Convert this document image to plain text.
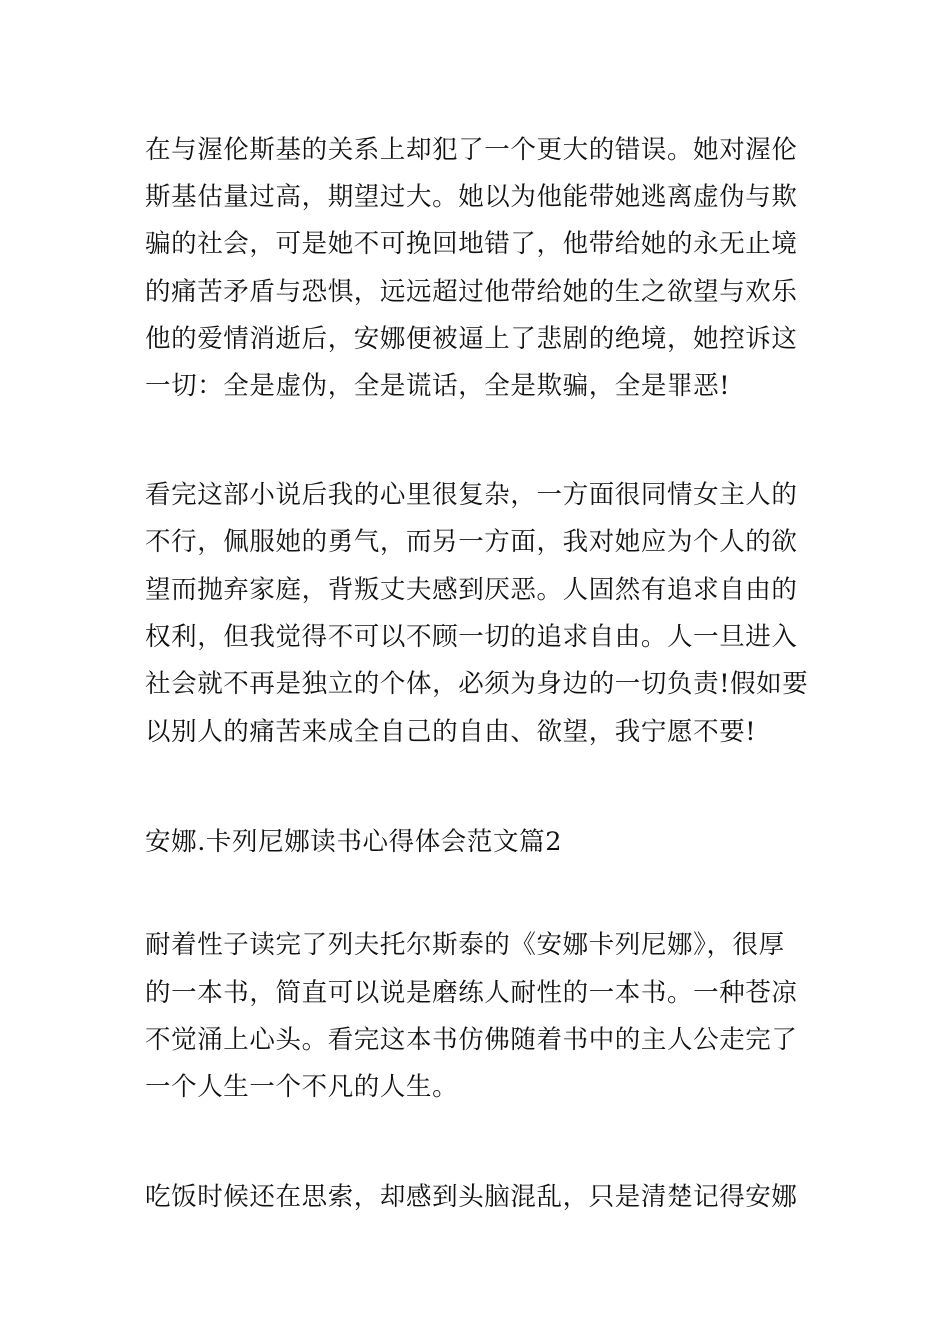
在与渥伦斯基的关系上却犯了一个更大的错误。她对渥伦
斯基估量过高，期望过大。她以为他能带她逃离虚伪与欺
骗的社会，可是她不可挽回地错了，他带给她的永无止境
的痛苦矛盾与恐惧，远远超过他带给她的生之欲望与欢乐
他的爱情消逝后，安娜便被逼上了悲剧的绝境，她控诉这
一切：全是虚伪，全是谎话，全是欺骗，全是罪恶!
看完这部小说后我的心里很复杂，一方面很同情女主人的
不行，佩服她的勇气，而另一方面，我对她应为个人的欲
望而抛弃家庭，背叛丈夫感到厌恶。人固然有追求自由的
权利，但我觉得不可以不顾一切的追求自由。人一旦进入
社会就不再是独立的个体，必须为身边的一切负责!假如要
以别人的痛苦来成全自己的自由、欲望，我宁愿不要!
安娜.卡列尼娜读书心得体会范文篇2
耐着性子读完了列夫托尔斯泰的《安娜卡列尼娜》，很厚
的一本书，简直可以说是磨练人耐性的一本书。一种苍凉
不觉涌上心头。看完这本书仿佛随着书中的主人公走完了
一个人生一个不凡的人生。
吃饭时候还在思索，却感到头脑混乱，只是清楚记得安娜
